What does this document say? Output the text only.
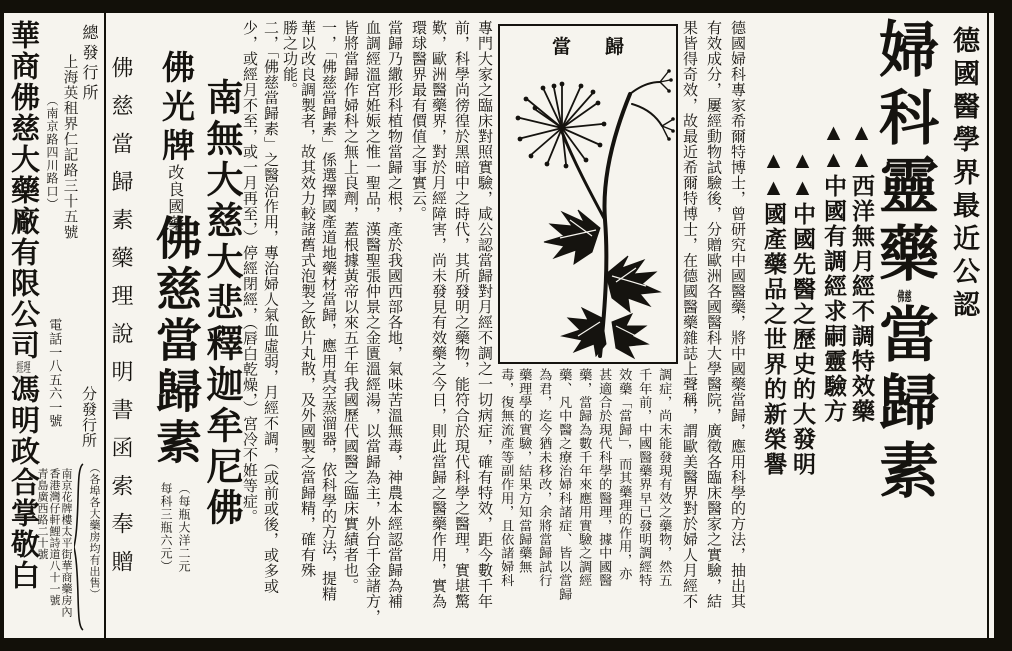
德國醫學界最近公認
婦科靈藥佛慈當歸素
▲▲西洋無月經不調特效藥
▲▲中國有調經求嗣靈驗方
▲▲中國先醫之歷史的大發明
▲▲國產藥品之世界的新榮譽
德國婦科專家希爾特博士，曾研究中國醫藥，將中國藥當歸，應用科學的方法，抽出其
有效成分，屢經動物試驗後，分贈歐洲各國醫科大學醫院，廣徵各臨床醫家之實驗，結
果皆得奇效，故最近希爾特博士，在德國醫藥雜誌上聲稱，謂歐美醫界對於婦人月經不
當歸
調症，尚未能發現有效之藥物，然五
千年前，中國醫藥界早已發明調經特
效藥「當歸」，而其藥理的作用，亦
甚適合於現代科學的醫理，據中國醫
藥，當歸為數千年來應用實驗之調經
藥、凡中醫之療治婦科諸症、皆以當歸
為君，迄今猶未移改，余將當歸試行
藥理學的實驗，結果方知當歸藥無
毒，復無流產等副作用，且依諸婦科
專門大家之臨床對照實驗，咸公認當歸對月經不調之一切病症，確有特效，距今數千年
前，科學尚徬徨於黑暗中之時代，其所發明之藥物，能符合於現代科學之醫理，實堪驚
歎，歐洲醫藥界，對於月經障害，尚未發見有效藥之今日，則此當歸之醫藥作用，實為
環球醫界最有價值之事實云。
當歸乃繖形科植物當歸之根，產於我國西部各地，氣味苦溫無毒，神農本經認當歸為補
血調經溫宮姙娠之惟一聖品，漢醫聖張仲景之金匱溫經湯，以當歸為主，外台千金諸方，
皆將當歸作婦科之無上良劑，蓋根據黃帝以來五千年我國歷代國醫之臨床實績者也。
一，「佛慈當歸素」係選擇國產道地藥材當歸，應用真空蒸溜器，依科學的方法，提精
華以改良調製者，故其效力較諸舊式泡製之飲片丸散，及外國製之當歸精，確有殊
勝之功能。
二，「佛慈當歸素」之醫治作用，專治婦人氣血虛弱，月經不調，（或前或後，或多或
少，或經月不至，或一月再至，）停經閉經，（唇白乾燥，）宮冷不姙等症。
南無大慈大悲釋迦牟尼佛
佛光牌
改良國藥
佛慈當歸素
（每瓶大洋二元
每科三瓶六元）
佛慈當歸素藥理說明書函索奉贈
總發行所
上海英租界仁記路三十五號
（南京路四川路口）
電話一八五六一號 分發行所
南京花牌樓太平街華商藥房內
香港灣仔軒鯉詩道八十一號
青島廣西路二十號	（各埠各大藥房均有出售）
華商佛慈大藥廠有限公司經理馮明政合掌敬白
